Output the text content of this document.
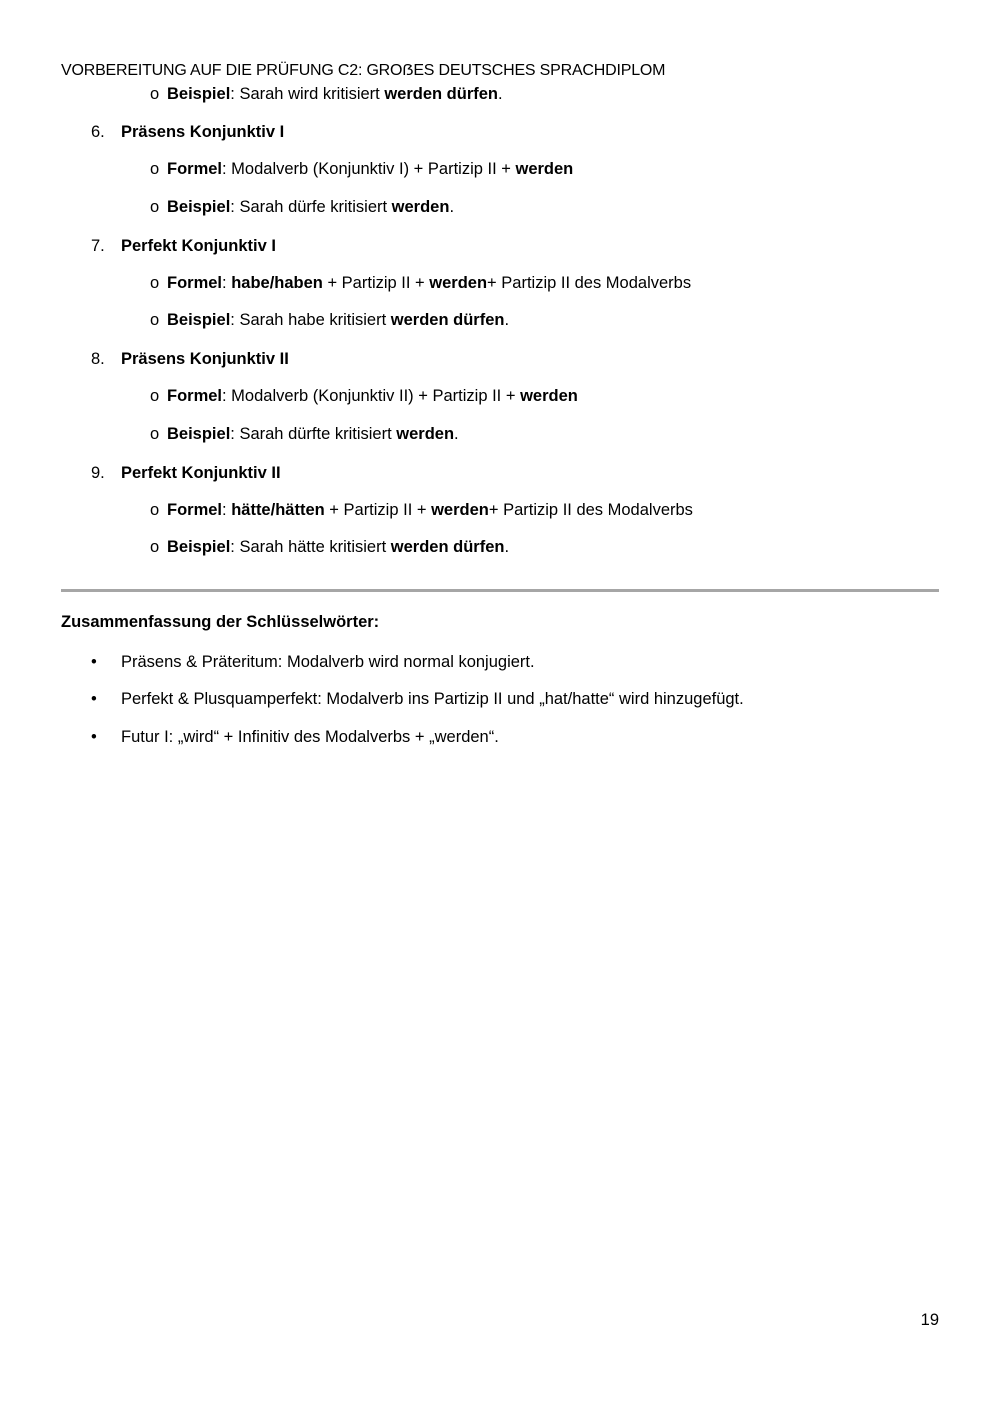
VORBEREITUNG AUF DIE PRÜFUNG C2: GROẞES DEUTSCHES SPRACHDIPLOM
o Beispiel: Sarah wird kritisiert werden dürfen.
6. Präsens Konjunktiv I
o Formel: Modalverb (Konjunktiv I) + Partizip II + werden
o Beispiel: Sarah dürfe kritisiert werden.
7. Perfekt Konjunktiv I
o Formel: habe/haben + Partizip II + werden+ Partizip II des Modalverbs
o Beispiel: Sarah habe kritisiert werden dürfen.
8. Präsens Konjunktiv II
o Formel: Modalverb (Konjunktiv II) + Partizip II + werden
o Beispiel: Sarah dürfte kritisiert werden.
9. Perfekt Konjunktiv II
o Formel: hätte/hätten + Partizip II + werden+ Partizip II des Modalverbs
o Beispiel: Sarah hätte kritisiert werden dürfen.
Zusammenfassung der Schlüsselwörter:
• Präsens & Präteritum: Modalverb wird normal konjugiert.
• Perfekt & Plusquamperfekt: Modalverb ins Partizip II und „hat/hatte“ wird hinzugefügt.
• Futur I: „wird“ + Infinitiv des Modalverbs + „werden“.
19
